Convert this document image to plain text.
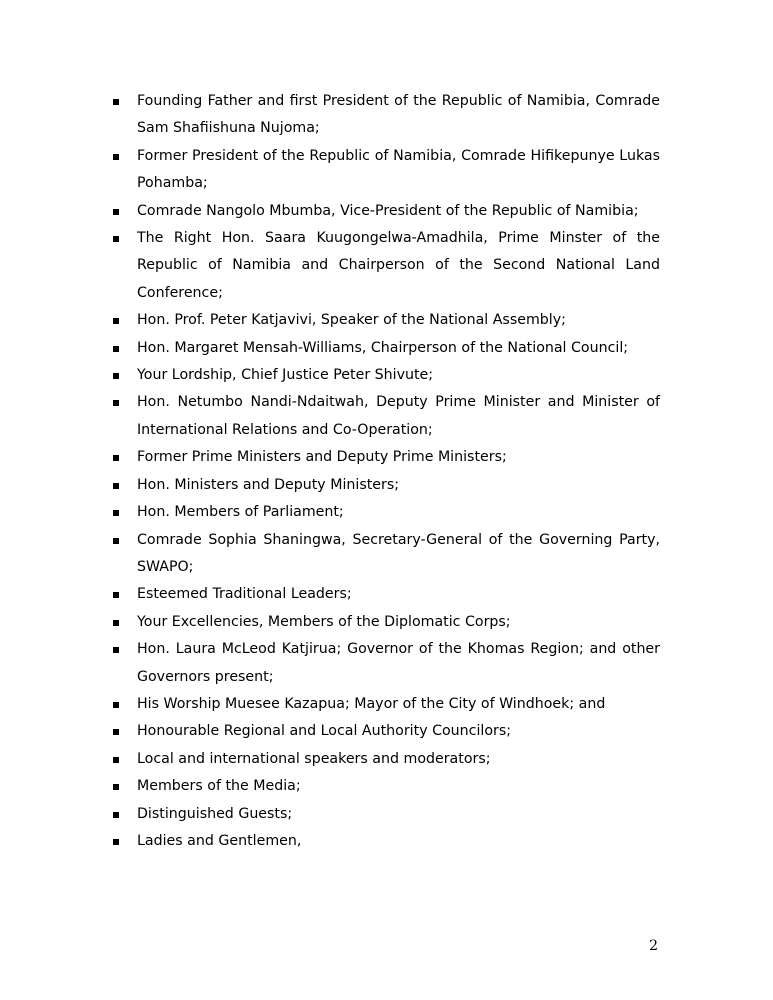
Founding Father and first President of the Republic of Namibia, Comrade Sam Shafiishuna Nujoma;
Former President of the Republic of Namibia, Comrade Hifikepunye Lukas Pohamba;
Comrade Nangolo Mbumba, Vice-President of the Republic of Namibia;
The Right Hon. Saara Kuugongelwa-Amadhila, Prime Minster of the Republic of Namibia and Chairperson of the Second National Land Conference;
Hon. Prof. Peter Katjavivi, Speaker of the National Assembly;
Hon. Margaret Mensah-Williams, Chairperson of the National Council;
Your Lordship, Chief Justice Peter Shivute;
Hon. Netumbo Nandi-Ndaitwah, Deputy Prime Minister and Minister of International Relations and Co-Operation;
Former Prime Ministers and Deputy Prime Ministers;
Hon. Ministers and Deputy Ministers;
Hon. Members of Parliament;
Comrade Sophia Shaningwa, Secretary-General of the Governing Party, SWAPO;
Esteemed Traditional Leaders;
Your Excellencies, Members of the Diplomatic Corps;
Hon. Laura McLeod Katjirua; Governor of the Khomas Region; and other Governors present;
His Worship Muesee Kazapua; Mayor of the City of Windhoek; and
Honourable Regional and Local Authority Councilors;
Local and international speakers and moderators;
Members of the Media;
Distinguished Guests;
Ladies and Gentlemen,
2
